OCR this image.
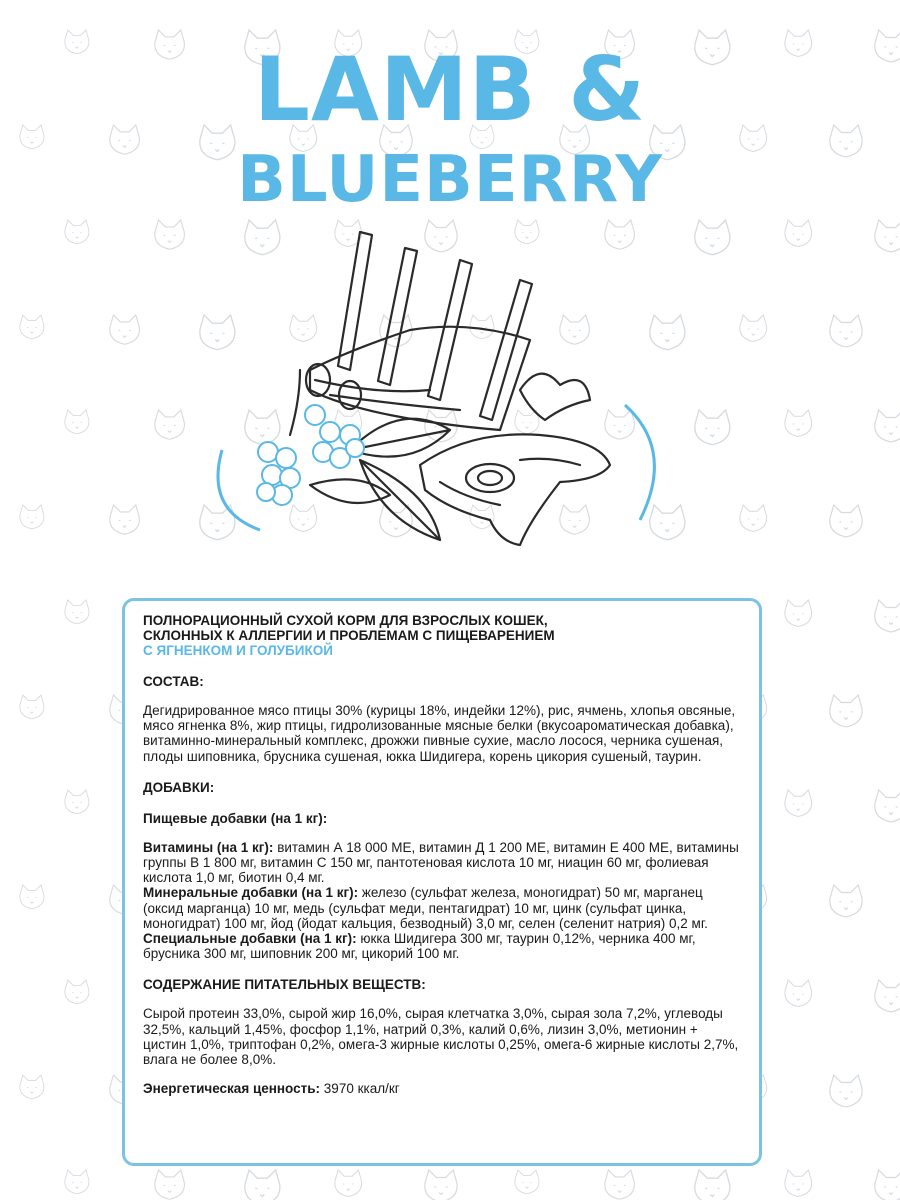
LAMB &
BLUEBERRY
ПОЛНОРАЦИОННЫЙ СУХОЙ КОРМ ДЛЯ ВЗРОСЛЫХ КОШЕК,
СКЛОННЫХ К АЛЛЕРГИИ И ПРОБЛЕМАМ С ПИЩЕВАРЕНИЕМ
С ЯГНЕНКОМ И ГОЛУБИКОЙ
СОСТАВ:

Дегидрированное мясо птицы 30% (курицы 18%, индейки 12%), рис, ячмень, хлопья овсяные, мясо ягненка 8%, жир птицы, гидролизованные мясные белки (вкусоароматическая добавка), витаминно-минеральный комплекс, дрожжи пивные сухие, масло лосося, черника сушеная, плоды шиповника, брусника сушеная, юкка Шидигера, корень цикория сушеный, таурин.

ДОБАВКИ:
Пищевые добавки (на 1 кг):

Витамины (на 1 кг): витамин А 18 000 МЕ, витамин Д 1 200 МЕ, витамин Е 400 МЕ, витамины группы В 1 800 мг, витамин С 150 мг, пантотеновая кислота 10 мг, ниацин 60 мг, фолиевая кислота 1,0 мг, биотин 0,4 мг.

Минеральные добавки (на 1 кг): железо (сульфат железа, моногидрат) 50 мг, марганец (оксид марганца) 10 мг, медь (сульфат меди, пентагидрат) 10 мг, цинк (сульфат цинка, моногидрат) 100 мг, йод (йодат кальция, безводный) 3,0 мг, селен (селенит натрия) 0,2 мг.

Специальные добавки (на 1 кг): юкка Шидигера 300 мг, таурин 0,12%, черника 400 мг, брусника 300 мг, шиповник 200 мг, цикорий 100 мг.

СОДЕРЖАНИЕ ПИТАТЕЛЬНЫХ ВЕЩЕСТВ:

Сырой протеин 33,0%, сырой жир 16,0%, сырая клетчатка 3,0%, сырая зола 7,2%, углеводы 32,5%, кальций 1,45%, фосфор 1,1%, натрий 0,3%, калий 0,6%, лизин 3,0%, метионин + цистин 1,0%, триптофан 0,2%, омега-3 жирные кислоты 0,25%, омега-6 жирные кислоты 2,7%, влага не более 8,0%.

Энергетическая ценность: 3970 ккал/кг
